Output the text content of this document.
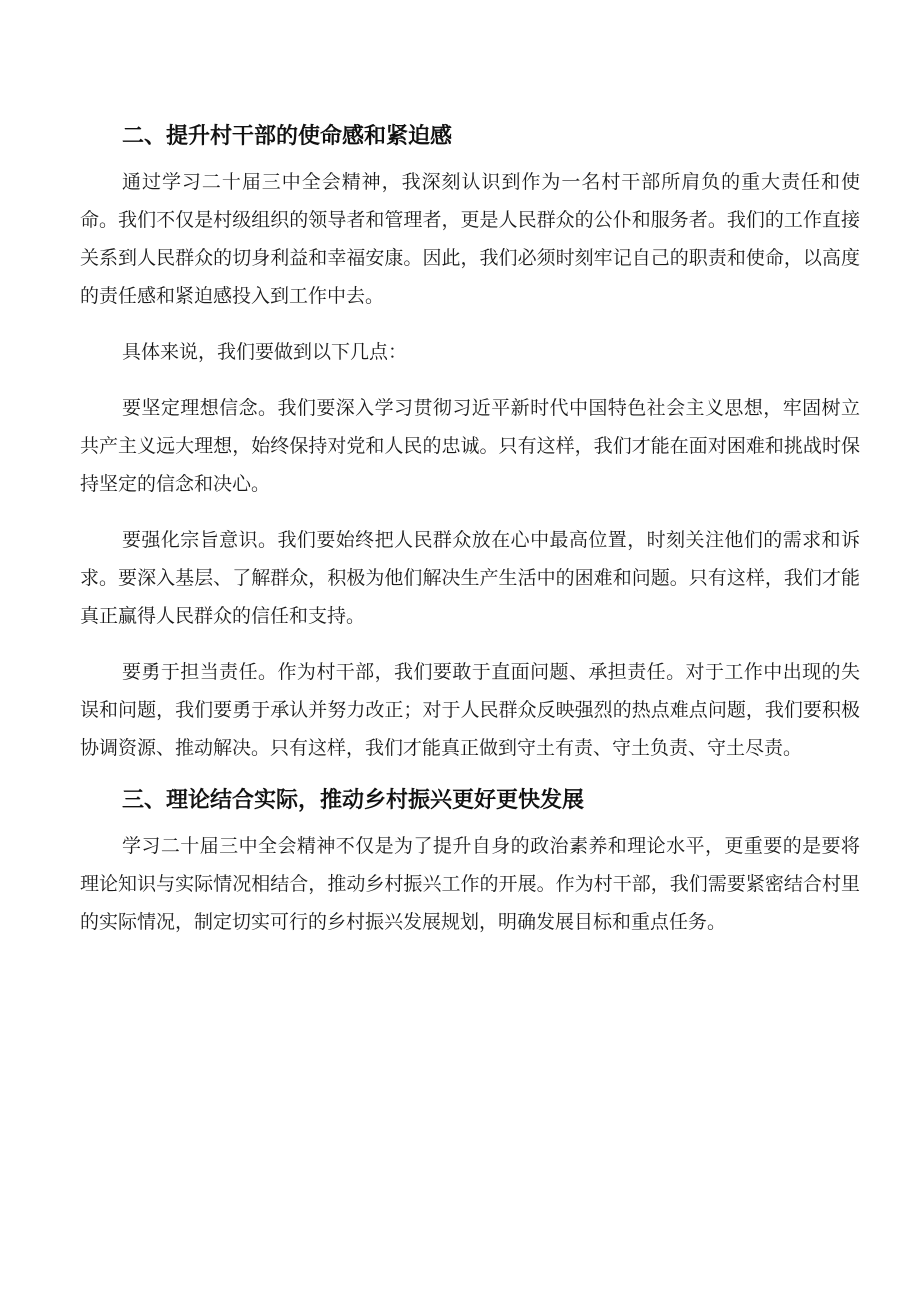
二、提升村干部的使命感和紧迫感

通过学习二十届三中全会精神，我深刻认识到作为一名村干部所肩负的重大责任和使命。我们不仅是村级组织的领导者和管理者，更是人民群众的公仆和服务者。我们的工作直接关系到人民群众的切身利益和幸福安康。因此，我们必须时刻牢记自己的职责和使命，以高度的责任感和紧迫感投入到工作中去。

具体来说，我们要做到以下几点：

要坚定理想信念。我们要深入学习贯彻习近平新时代中国特色社会主义思想，牢固树立共产主义远大理想，始终保持对党和人民的忠诚。只有这样，我们才能在面对困难和挑战时保持坚定的信念和决心。

要强化宗旨意识。我们要始终把人民群众放在心中最高位置，时刻关注他们的需求和诉求。要深入基层、了解群众，积极为他们解决生产生活中的困难和问题。只有这样，我们才能真正赢得人民群众的信任和支持。

要勇于担当责任。作为村干部，我们要敢于直面问题、承担责任。对于工作中出现的失误和问题，我们要勇于承认并努力改正；对于人民群众反映强烈的热点难点问题，我们要积极协调资源、推动解决。只有这样，我们才能真正做到守土有责、守土负责、守土尽责。

三、理论结合实际，推动乡村振兴更好更快发展

学习二十届三中全会精神不仅是为了提升自身的政治素养和理论水平，更重要的是要将理论知识与实际情况相结合，推动乡村振兴工作的开展。作为村干部，我们需要紧密结合村里的实际情况，制定切实可行的乡村振兴发展规划，明确发展目标和重点任务。
